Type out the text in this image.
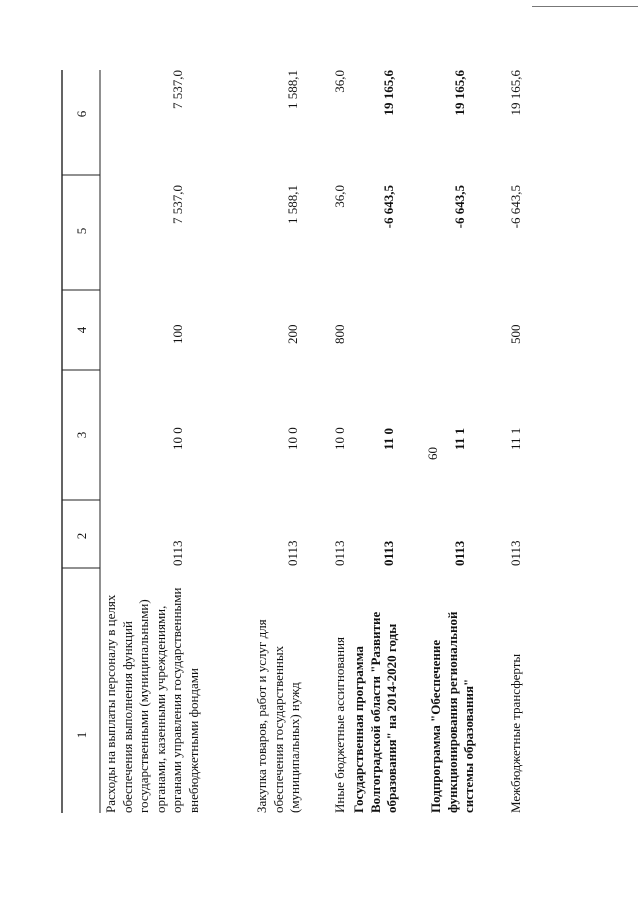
60
1
2
3
4
5
6
Расходы на выплаты персоналу в целях обеспечения выполнения функций государственными (муниципальными) органами, казенными учреждениями, органами управления государственными внебюджетными фондами
0113
10 0
100
7 537,0
7 537,0
Закупка товаров, работ и услуг для обеспечения государственных (муниципальных) нужд
0113
10 0
200
1 588,1
1 588,1
Иные бюджетные ассигнования
0113
10 0
800
36,0
36,0
Государственная программа Волгоградской области "Развитие образования" на 2014-2020 годы
0113
11 0
-6 643,5
19 165,6
Подпрограмма "Обеспечение функционирования региональной системы образования"
0113
11 1
-6 643,5
19 165,6
Межбюджетные трансферты
0113
11 1
500
-6 643,5
19 165,6
